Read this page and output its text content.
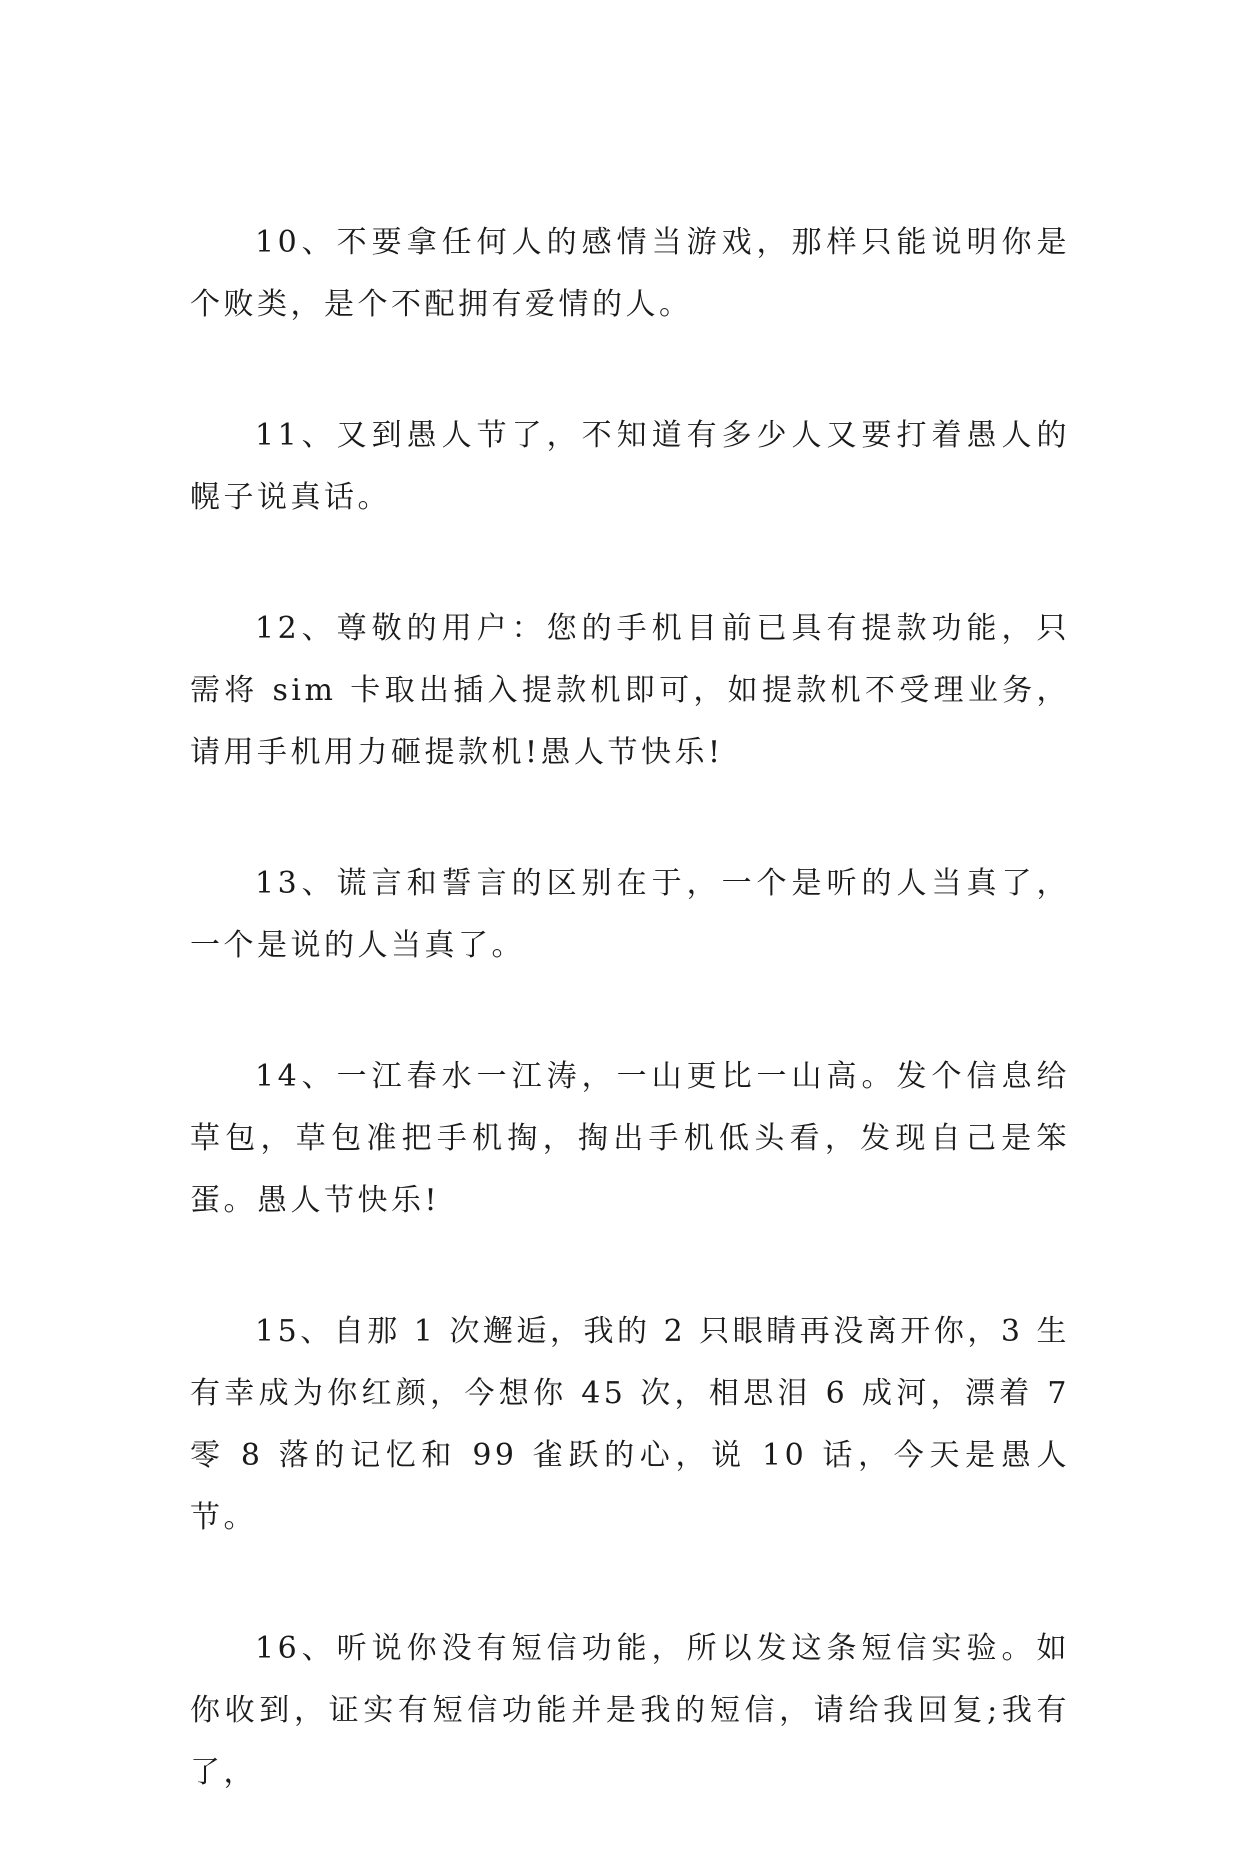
10、不要拿任何人的感情当游戏，那样只能说明你是个败类，是个不配拥有爱情的人。

11、又到愚人节了，不知道有多少人又要打着愚人的幌子说真话。

12、尊敬的用户：您的手机目前已具有提款功能，只需将 sim 卡取出插入提款机即可，如提款机不受理业务，请用手机用力砸提款机!愚人节快乐!

13、谎言和誓言的区别在于，一个是听的人当真了，一个是说的人当真了。

14、一江春水一江涛，一山更比一山高。发个信息给草包，草包准把手机掏，掏出手机低头看，发现自己是笨蛋。愚人节快乐!

15、自那 1 次邂逅，我的 2 只眼睛再没离开你，3 生有幸成为你红颜，今想你 45 次，相思泪 6 成河，漂着 7 零 8 落的记忆和 99 雀跃的心，说 10 话，今天是愚人节。

16、听说你没有短信功能，所以发这条短信实验。如你收到，证实有短信功能并是我的短信，请给我回复;我有了，
